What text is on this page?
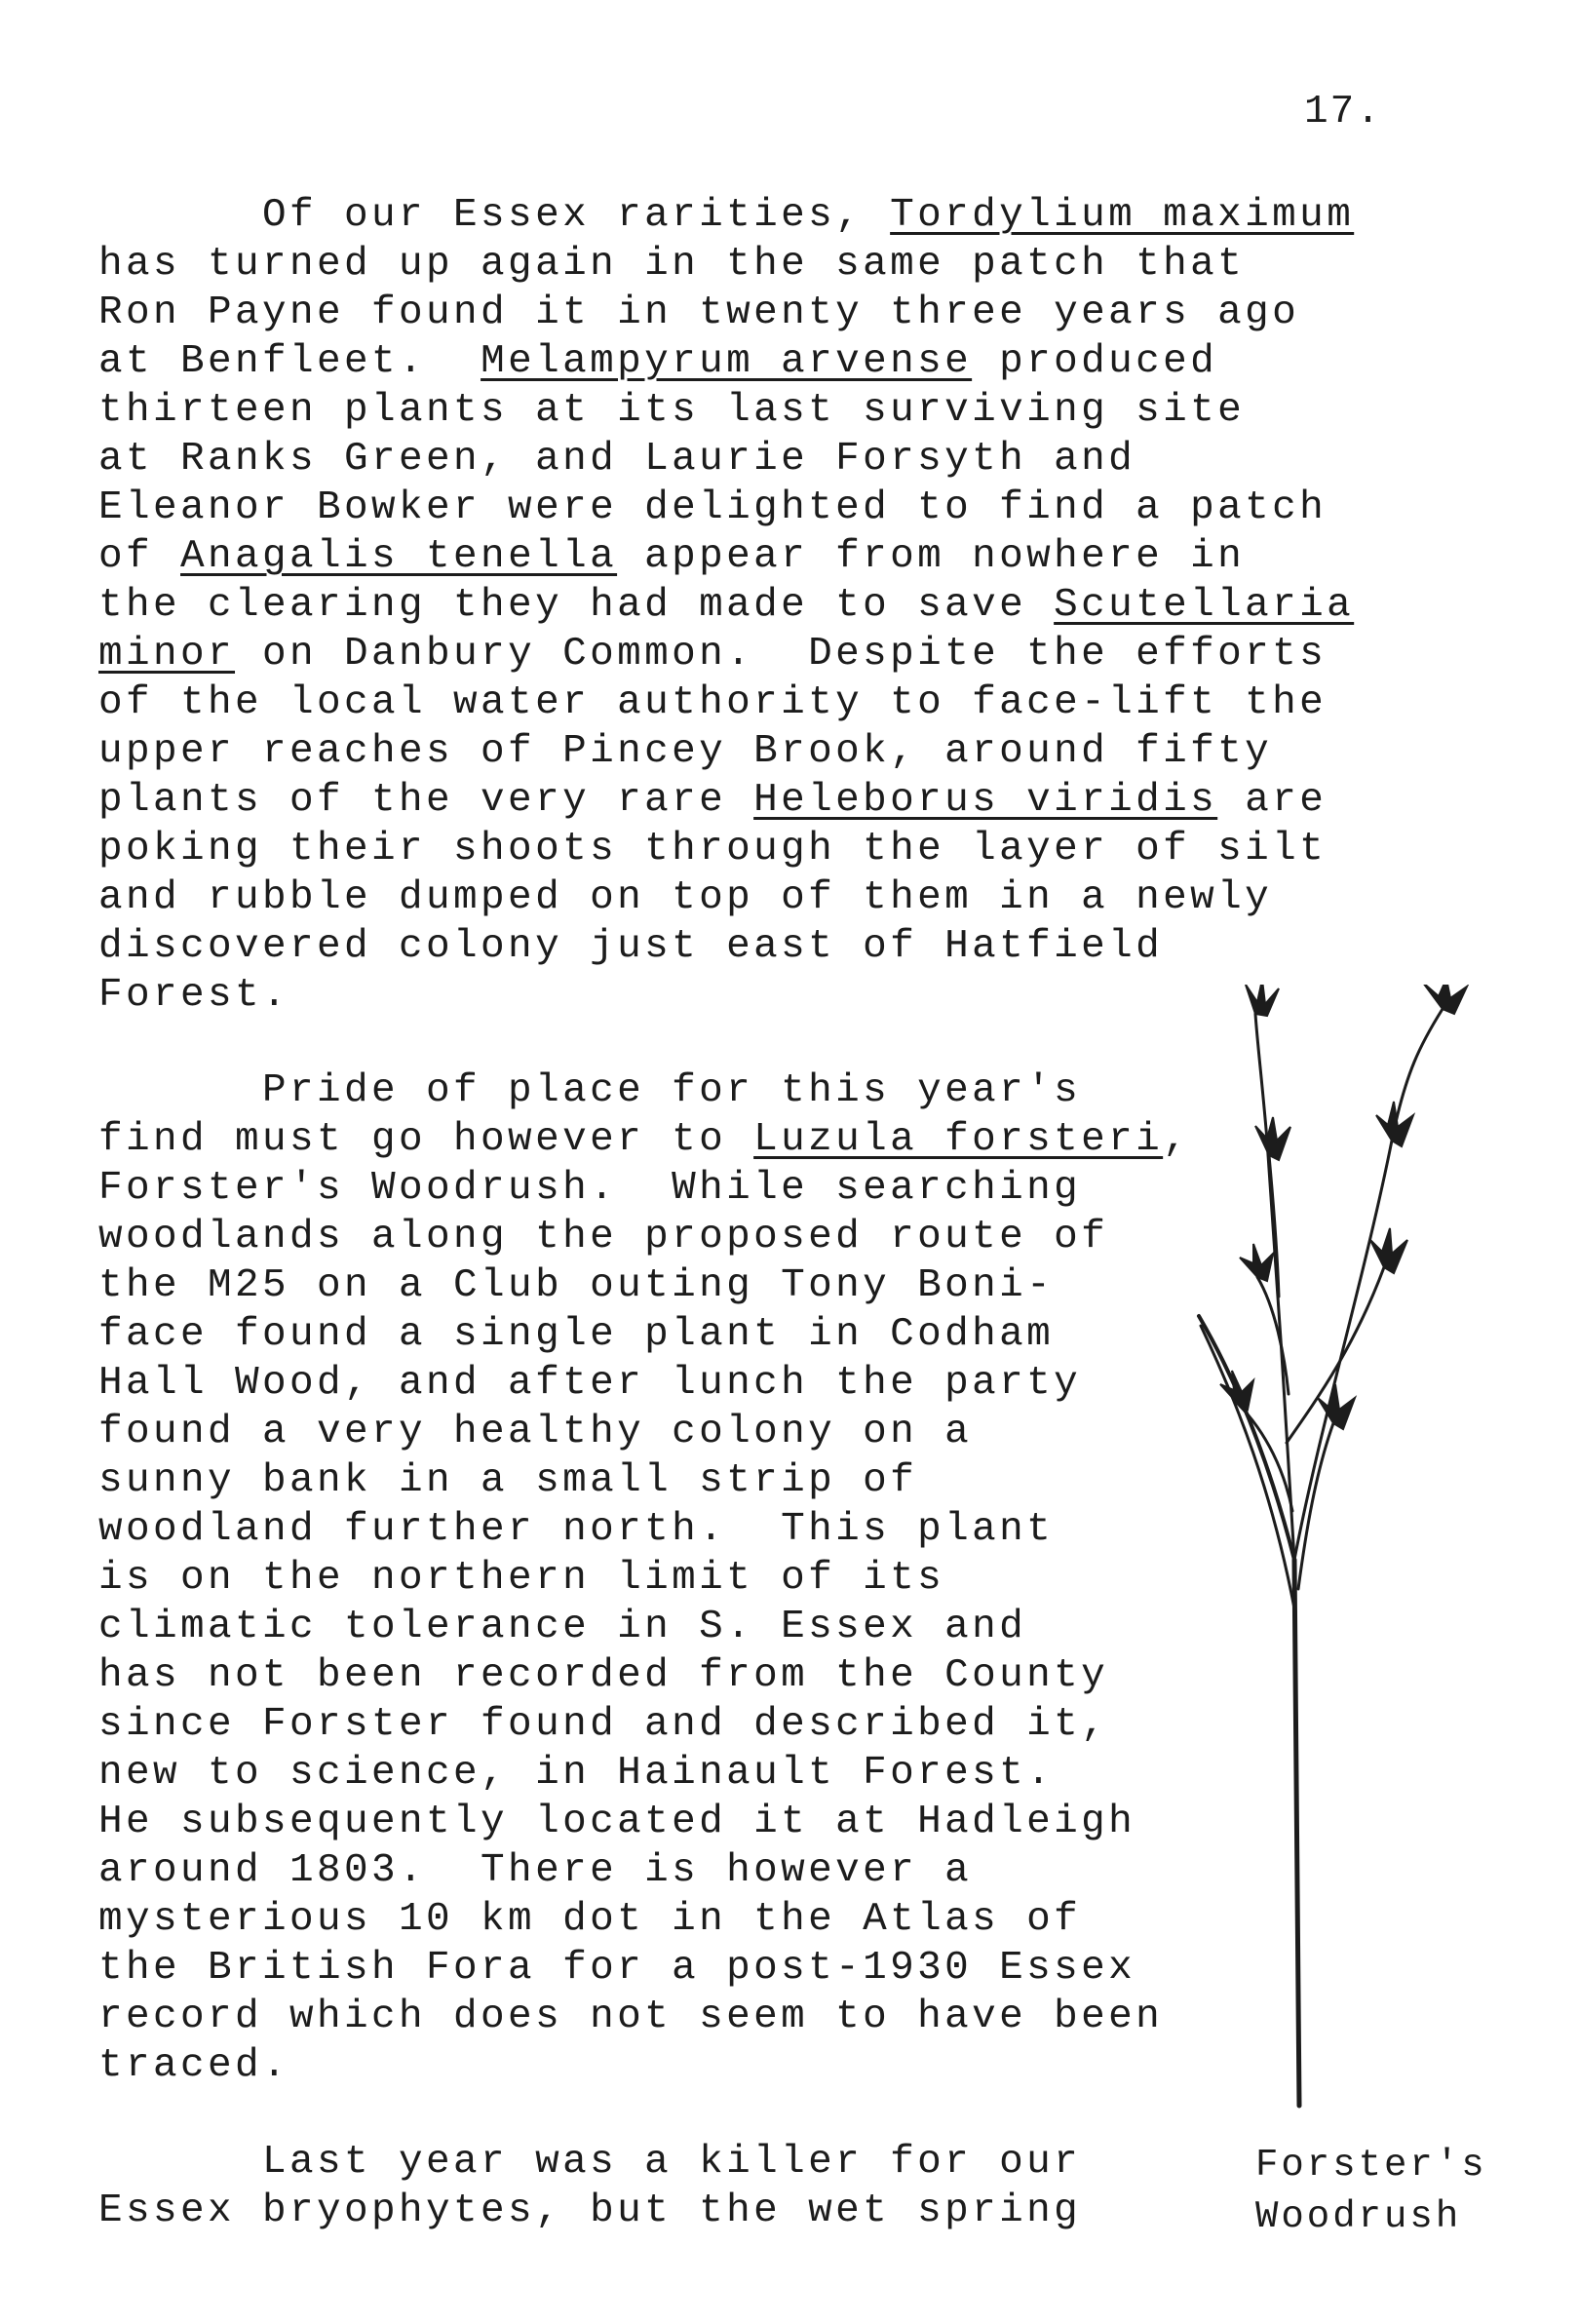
17.
Of our Essex rarities, Tordylium maximum
has turned up again in the same patch that
Ron Payne found it in twenty three years ago
at Benfleet.  Melampyrum arvense produced
thirteen plants at its last surviving site
at Ranks Green, and Laurie Forsyth and
Eleanor Bowker were delighted to find a patch
of Anagalis tenella appear from nowhere in
the clearing they had made to save Scutellaria
minor on Danbury Common.  Despite the efforts
of the local water authority to face-lift the
upper reaches of Pincey Brook, around fifty
plants of the very rare Heleborus viridis are
poking their shoots through the layer of silt
and rubble dumped on top of them in a newly
discovered colony just east of Hatfield
Forest.
Pride of place for this year's
find must go however to Luzula forsteri,
Forster's Woodrush.  While searching
woodlands along the proposed route of
the M25 on a Club outing Tony Boni-
face found a single plant in Codham
Hall Wood, and after lunch the party
found a very healthy colony on a
sunny bank in a small strip of
woodland further north.  This plant
is on the northern limit of its
climatic tolerance in S. Essex and
has not been recorded from the County
since Forster found and described it,
new to science, in Hainault Forest.
He subsequently located it at Hadleigh
around 1803.  There is however a
mysterious 10 km dot in the Atlas of
the British Fora for a post-1930 Essex
record which does not seem to have been
traced.
Last year was a killer for our
Essex bryophytes, but the wet spring
Forster's
Woodrush
